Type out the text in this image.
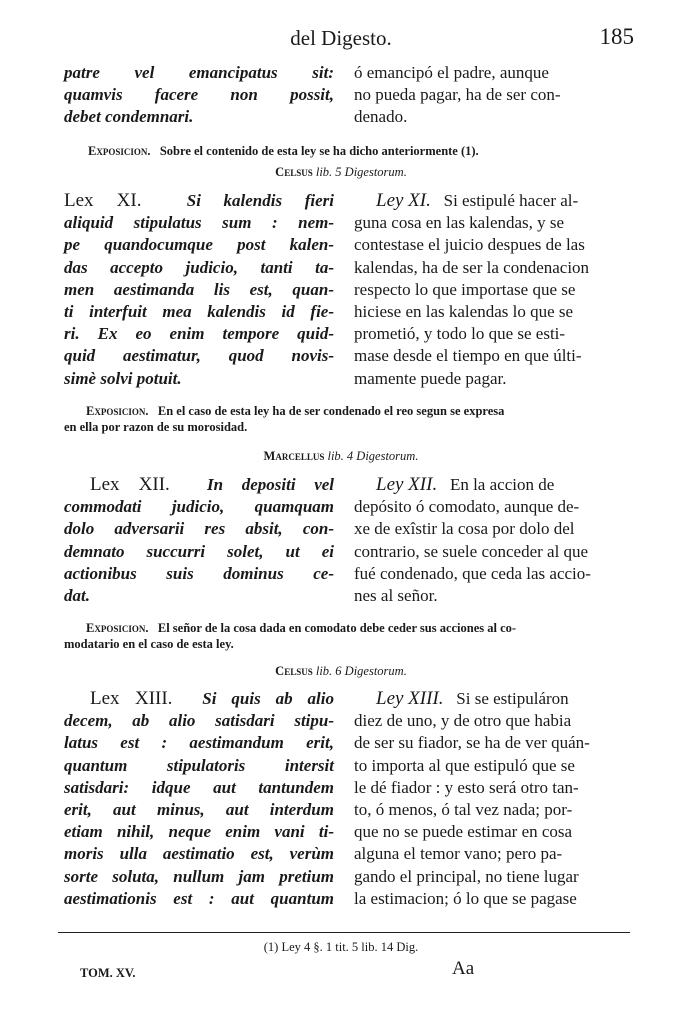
del Digesto.	185
patre vel emancipatus sit:
quamvis facere non possit,
debet condemnari.
ó emancipó el padre, aunque
no pueda pagar, ha de ser con-
denado.
Exposicion. Sobre el contenido de esta ley se ha dicho anteriormente (1).
Celsus lib. 5 Digestorum.
Lex XI.	Si kalendis fieri
aliquid stipulatus sum : nem-
pe quandocumque post kalen-
das accepto judicio, tanti ta-
men aestimanda lis est, quan-
ti interfuit mea kalendis id fie-
ri. Ex eo enim tempore quid-
quid aestimatur, quod novis-
simè solvi potuit.
Ley XI. Si estipulé hacer al-
guna cosa en las kalendas, y se
contestase el juicio despues de las
kalendas, ha de ser la condenacion
respecto lo que importase que se
hiciese en las kalendas lo que se
prometió, y todo lo que se esti-
mase desde el tiempo en que últi-
mamente puede pagar.
Exposicion. En el caso de esta ley ha de ser condenado el reo segun se expresa
en ella por razon de su morosidad.
Marcellus lib. 4 Digestorum.
Lex XII. In depositi vel
commodati judicio, quamquam
dolo adversarii res absit, con-
demnato succurri solet, ut ei
actionibus suis dominus ce-
dat.
Ley XII. En la accion de
depósito ó comodato, aunque de-
xe de exîstir la cosa por dolo del
contrario, se suele conceder al que
fué condenado, que ceda las accio-
nes al señor.
Exposicion. El señor de la cosa dada en comodato debe ceder sus acciones al co-
modatario en el caso de esta ley.
Celsus lib. 6 Digestorum.
Lex XIII. Si quis ab alio
decem, ab alio satisdari stipu-
latus est : aestimandum erit,
quantum stipulatoris intersit
satisdari: idque aut tantundem
erit, aut minus, aut interdum
etiam nihil, neque enim vani ti-
moris ulla aestimatio est, verùm
sorte soluta, nullum jam pretium
aestimationis est : aut quantum
Ley XIII. Si se estipuláron
diez de uno, y de otro que habia
de ser su fiador, se ha de ver quán-
to importa al que estipuló que se
le dé fiador : y esto será otro tan-
to, ó menos, ó tal vez nada; por-
que no se puede estimar en cosa
alguna el temor vano; pero pa-
gando el principal, no tiene lugar
la estimacion; ó lo que se pagase
(1) Ley 4 §. 1 tit. 5 lib. 14 Dig.
TOM. XV.	Aa
